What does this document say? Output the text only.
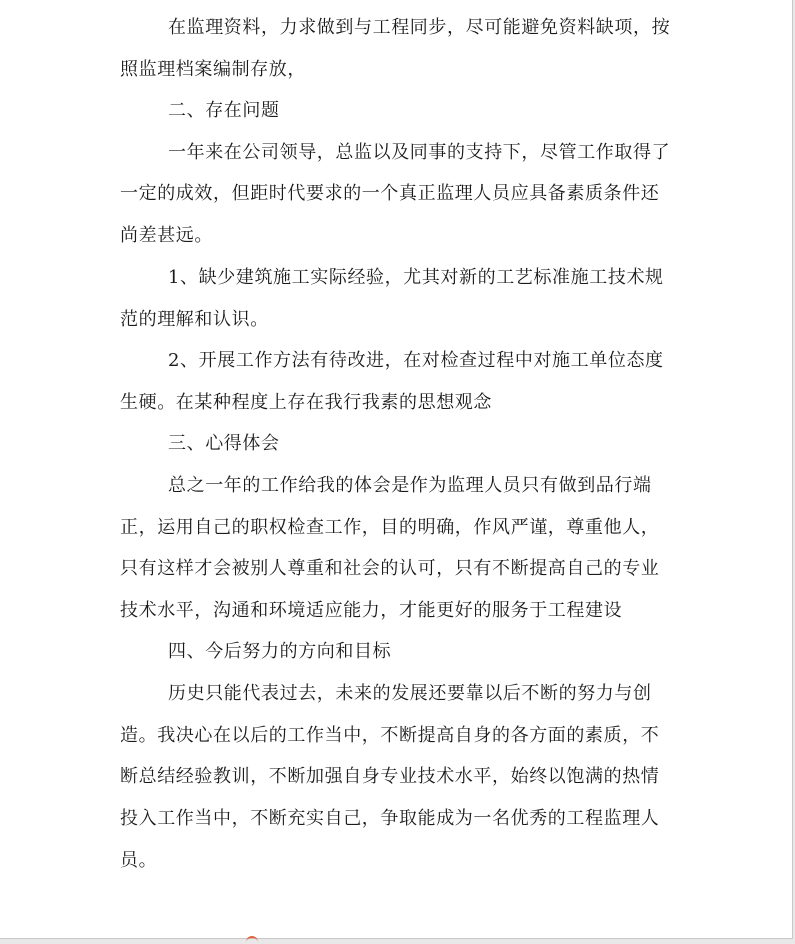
在监理资料，力求做到与工程同步，尽可能避免资料缺项，按
照监理档案编制存放，
二、存在问题
一年来在公司领导，总监以及同事的支持下，尽管工作取得了
一定的成效，但距时代要求的一个真正监理人员应具备素质条件还
尚差甚远。
1、缺少建筑施工实际经验，尤其对新的工艺标准施工技术规
范的理解和认识。
2、开展工作方法有待改进，在对检查过程中对施工单位态度
生硬。在某种程度上存在我行我素的思想观念
三、心得体会
总之一年的工作给我的体会是作为监理人员只有做到品行端
正，运用自己的职权检查工作，目的明确，作风严谨，尊重他人，
只有这样才会被别人尊重和社会的认可，只有不断提高自己的专业
技术水平，沟通和环境适应能力，才能更好的服务于工程建设
四、今后努力的方向和目标
历史只能代表过去，未来的发展还要靠以后不断的努力与创
造。我决心在以后的工作当中，不断提高自身的各方面的素质，不
断总结经验教训，不断加强自身专业技术水平，始终以饱满的热情
投入工作当中，不断充实自己，争取能成为一名优秀的工程监理人
员。
